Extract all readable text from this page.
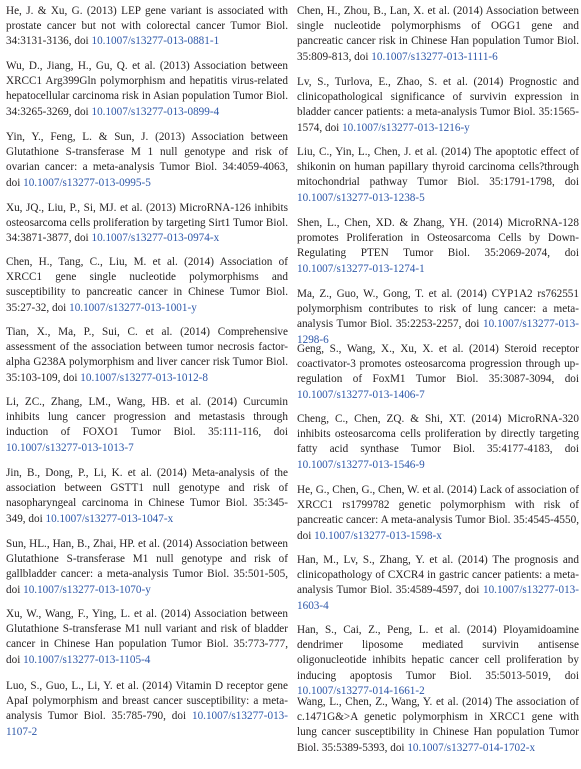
He, J. & Xu, G. (2013) LEP gene variant is associated with prostate cancer but not with colorectal cancer Tumor Biol. 34:3131-3136, doi 10.1007/s13277-013-0881-1

Wu, D., Jiang, H., Gu, Q. et al. (2013) Association between XRCC1 Arg399Gln polymorphism and hepatitis virus-related hepatocellular carcinoma risk in Asian population Tumor Biol. 34:3265-3269, doi 10.1007/s13277-013-0899-4

Yin, Y., Feng, L. & Sun, J. (2013) Association between Glutathione S-transferase M 1 null genotype and risk of ovarian cancer: a meta-analysis Tumor Biol. 34:4059-4063, doi 10.1007/s13277-013-0995-5

Xu, JQ., Liu, P., Si, MJ. et al. (2013) MicroRNA-126 inhibits osteosarcoma cells proliferation by targeting Sirt1 Tumor Biol. 34:3871-3877, doi 10.1007/s13277-013-0974-x

Chen, H., Tang, C., Liu, M. et al. (2014) Association of XRCC1 gene single nucleotide polymorphisms and susceptibility to pancreatic cancer in Chinese Tumor Biol. 35:27-32, doi 10.1007/s13277-013-1001-y

Tian, X., Ma, P., Sui, C. et al. (2014) Comprehensive assessment of the association between tumor necrosis factor-alpha G238A polymorphism and liver cancer risk Tumor Biol. 35:103-109, doi 10.1007/s13277-013-1012-8

Li, ZC., Zhang, LM., Wang, HB. et al. (2014) Curcumin inhibits lung cancer progression and metastasis through induction of FOXO1 Tumor Biol. 35:111-116, doi 10.1007/s13277-013-1013-7

Jin, B., Dong, P., Li, K. et al. (2014) Meta-analysis of the association between GSTT1 null genotype and risk of nasopharyngeal carcinoma in Chinese Tumor Biol. 35:345-349, doi 10.1007/s13277-013-1047-x

Sun, HL., Han, B., Zhai, HP. et al. (2014) Association between Glutathione S-transferase M1 null genotype and risk of gallbladder cancer: a meta-analysis Tumor Biol. 35:501-505, doi 10.1007/s13277-013-1070-y

Xu, W., Wang, F., Ying, L. et al. (2014) Association between Glutathione S-transferase M1 null variant and risk of bladder cancer in Chinese Han population Tumor Biol. 35:773-777, doi 10.1007/s13277-013-1105-4

Luo, S., Guo, L., Li, Y. et al. (2014) Vitamin D receptor gene ApaI polymorphism and breast cancer susceptibility: a meta-analysis Tumor Biol. 35:785-790, doi 10.1007/s13277-013-1107-2

Chen, H., Zhou, B., Lan, X. et al. (2014) Association between single nucleotide polymorphisms of OGG1 gene and pancreatic cancer risk in Chinese Han population Tumor Biol. 35:809-813, doi 10.1007/s13277-013-1111-6

Lv, S., Turlova, E., Zhao, S. et al. (2014) Prognostic and clinicopathological significance of survivin expression in bladder cancer patients: a meta-analysis Tumor Biol. 35:1565-1574, doi 10.1007/s13277-013-1216-y

Liu, C., Yin, L., Chen, J. et al. (2014) The apoptotic effect of shikonin on human papillary thyroid carcinoma cells?through mitochondrial pathway Tumor Biol. 35:1791-1798, doi 10.1007/s13277-013-1238-5

Shen, L., Chen, XD. & Zhang, YH. (2014) MicroRNA-128 promotes Proliferation in Osteosarcoma Cells by Down-Regulating PTEN Tumor Biol. 35:2069-2074, doi 10.1007/s13277-013-1274-1

Ma, Z., Guo, W., Gong, T. et al. (2014) CYP1A2 rs762551 polymorphism contributes to risk of lung cancer: a meta-analysis Tumor Biol. 35:2253-2257, doi 10.1007/s13277-013-1298-6

Geng, S., Wang, X., Xu, X. et al. (2014) Steroid receptor coactivator-3 promotes osteosarcoma progression through up-regulation of FoxM1 Tumor Biol. 35:3087-3094, doi 10.1007/s13277-013-1406-7

Cheng, C., Chen, ZQ. & Shi, XT. (2014) MicroRNA-320 inhibits osteosarcoma cells proliferation by directly targeting fatty acid synthase Tumor Biol. 35:4177-4183, doi 10.1007/s13277-013-1546-9

He, G., Chen, G., Chen, W. et al. (2014) Lack of association of XRCC1 rs1799782 genetic polymorphism with risk of pancreatic cancer: A meta-analysis Tumor Biol. 35:4545-4550, doi 10.1007/s13277-013-1598-x

Han, M., Lv, S., Zhang, Y. et al. (2014) The prognosis and clinicopathology of CXCR4 in gastric cancer patients: a meta-analysis Tumor Biol. 35:4589-4597, doi 10.1007/s13277-013-1603-4

Han, S., Cai, Z., Peng, L. et al. (2014) Ployamidoamine dendrimer liposome mediated survivin antisense oligonucleotide inhibits hepatic cancer cell proliferation by inducing apoptosis Tumor Biol. 35:5013-5019, doi 10.1007/s13277-014-1661-2

Wang, L., Chen, Z., Wang, Y. et al. (2014) The association of c.1471G&>A genetic polymorphism in XRCC1 gene with lung cancer susceptibility in Chinese Han population Tumor Biol. 35:5389-5393, doi 10.1007/s13277-014-1702-x
